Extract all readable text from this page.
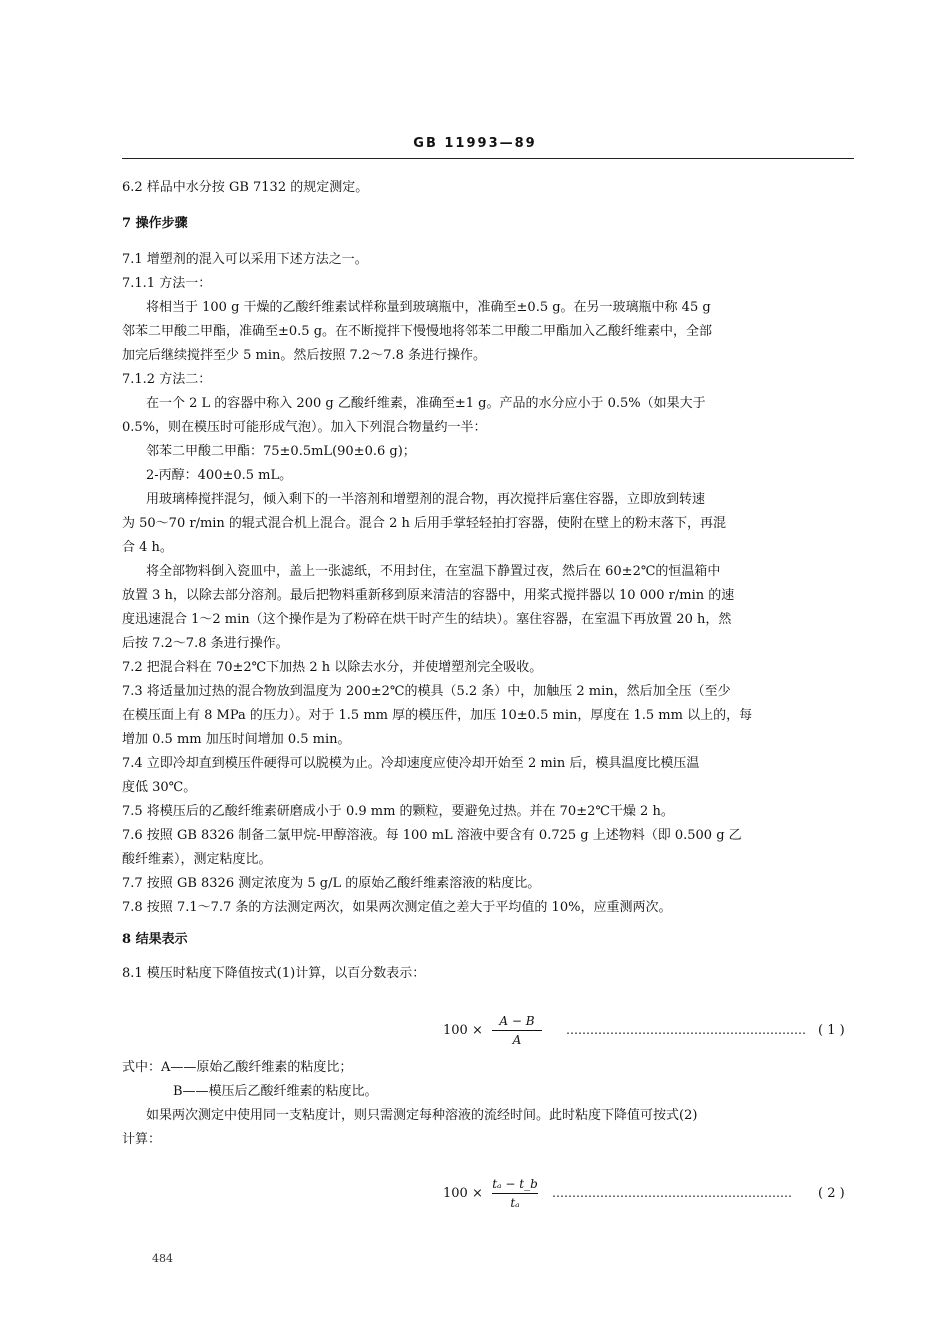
GB 11993—89
6.2 样品中水分按 GB 7132 的规定测定。
7 操作步骤
7.1 增塑剂的混入可以采用下述方法之一。
7.1.1 方法一：
将相当于 100 g 干燥的乙酸纤维素试样称量到玻璃瓶中，准确至±0.5 g。在另一玻璃瓶中称 45 g
邻苯二甲酸二甲酯，准确至±0.5 g。在不断搅拌下慢慢地将邻苯二甲酸二甲酯加入乙酸纤维素中，全部
加完后继续搅拌至少 5 min。然后按照 7.2～7.8 条进行操作。
7.1.2 方法二：
在一个 2 L 的容器中称入 200 g 乙酸纤维素，准确至±1 g。产品的水分应小于 0.5%（如果大于
0.5%，则在模压时可能形成气泡）。加入下列混合物量约一半：
邻苯二甲酸二甲酯：75±0.5mL(90±0.6 g)；
2-丙醇：400±0.5 mL。
用玻璃棒搅拌混匀，倾入剩下的一半溶剂和增塑剂的混合物，再次搅拌后塞住容器，立即放到转速
为 50～70 r/min 的辊式混合机上混合。混合 2 h 后用手掌轻轻拍打容器，使附在壁上的粉末落下，再混
合 4 h。
将全部物料倒入瓷皿中，盖上一张滤纸，不用封住，在室温下静置过夜，然后在 60±2℃的恒温箱中
放置 3 h，以除去部分溶剂。最后把物料重新移到原来清洁的容器中，用桨式搅拌器以 10 000 r/min 的速
度迅速混合 1～2 min（这个操作是为了粉碎在烘干时产生的结块）。塞住容器，在室温下再放置 20 h，然
后按 7.2～7.8 条进行操作。
7.2 把混合料在 70±2℃下加热 2 h 以除去水分，并使增塑剂完全吸收。
7.3 将适量加过热的混合物放到温度为 200±2℃的模具（5.2 条）中，加触压 2 min，然后加全压（至少
在模压面上有 8 MPa 的压力）。对于 1.5 mm 厚的模压件，加压 10±0.5 min，厚度在 1.5 mm 以上的，每
增加 0.5 mm 加压时间增加 0.5 min。
7.4 立即冷却直到模压件硬得可以脱模为止。冷却速度应使冷却开始至 2 min 后，模具温度比模压温
度低 30℃。
7.5 将模压后的乙酸纤维素研磨成小于 0.9 mm 的颗粒，要避免过热。并在 70±2℃干燥 2 h。
7.6 按照 GB 8326 制备二氯甲烷-甲醇溶液。每 100 mL 溶液中要含有 0.725 g 上述物料（即 0.500 g 乙
酸纤维素），测定粘度比。
7.7 按照 GB 8326 测定浓度为 5 g/L 的原始乙酸纤维素溶液的粘度比。
7.8 按照 7.1～7.7 条的方法测定两次，如果两次测定值之差大于平均值的 10%，应重测两次。
8 结果表示
8.1 模压时粘度下降值按式(1)计算，以百分数表示：
100 ×
A − B
A
…………………………………………………… ( 1 )
式中：A——原始乙酸纤维素的粘度比；
B——模压后乙酸纤维素的粘度比。
如果两次测定中使用同一支粘度计，则只需测定每种溶液的流经时间。此时粘度下降值可按式(2)
计算：
100 ×
tₐ − t_b
tₐ
……………………………………………………	( 2 )
484
